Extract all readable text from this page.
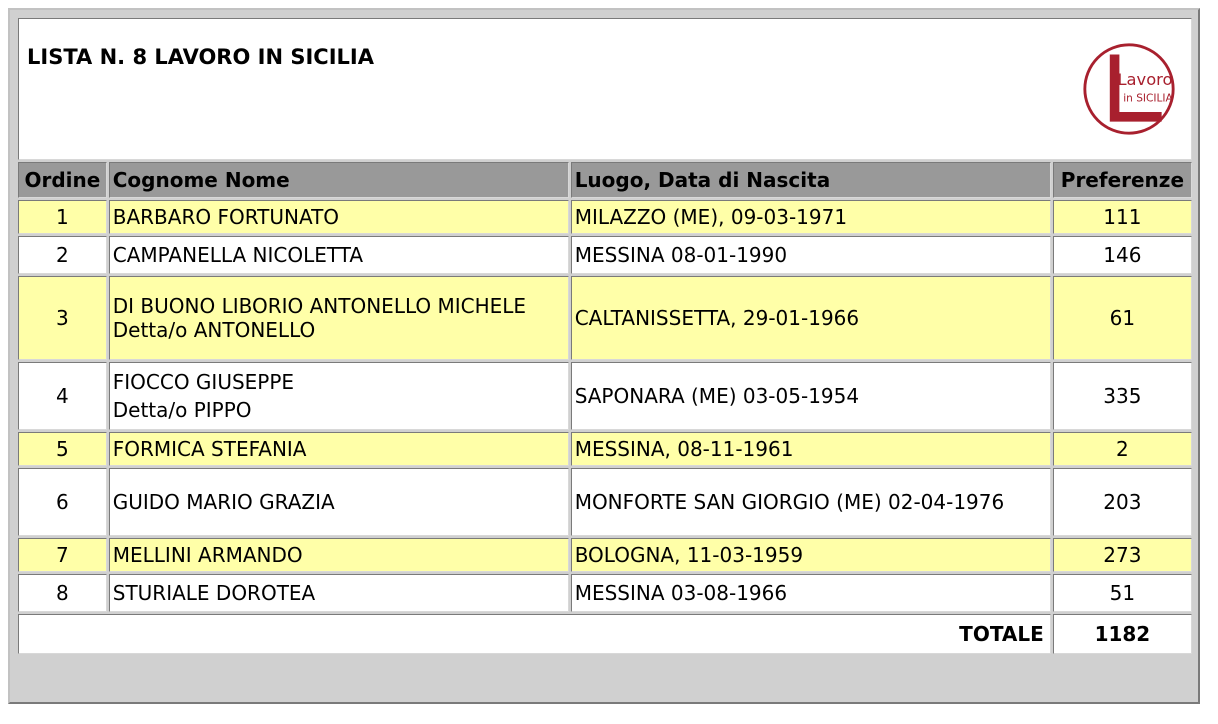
LISTA N. 8 LAVORO IN SICILIA
Lavoro
in SICILIA			

Ordine	Cognome Nome	Luogo, Data di Nascita	Preferenze
1	BARBARO FORTUNATO	MILAZZO (ME), 09-03-1971	111
2	CAMPANELLA NICOLETTA	MESSINA 08-01-1990	146
3	DI BUONO LIBORIO ANTONELLO MICHELE
Detta/o ANTONELLO	CALTANISSETTA, 29-01-1966	61
4	FIOCCO GIUSEPPE
Detta/o PIPPO	SAPONARA (ME) 03-05-1954	335
5	FORMICA STEFANIA	MESSINA, 08-11-1961	2
6	GUIDO MARIO GRAZIA	MONFORTE SAN GIORGIO (ME) 02-04-1976	203
7	MELLINI ARMANDO	BOLOGNA, 11-03-1959	273
8	STURIALE DOROTEA	MESSINA 03-08-1966	51
TOTALE			1182
